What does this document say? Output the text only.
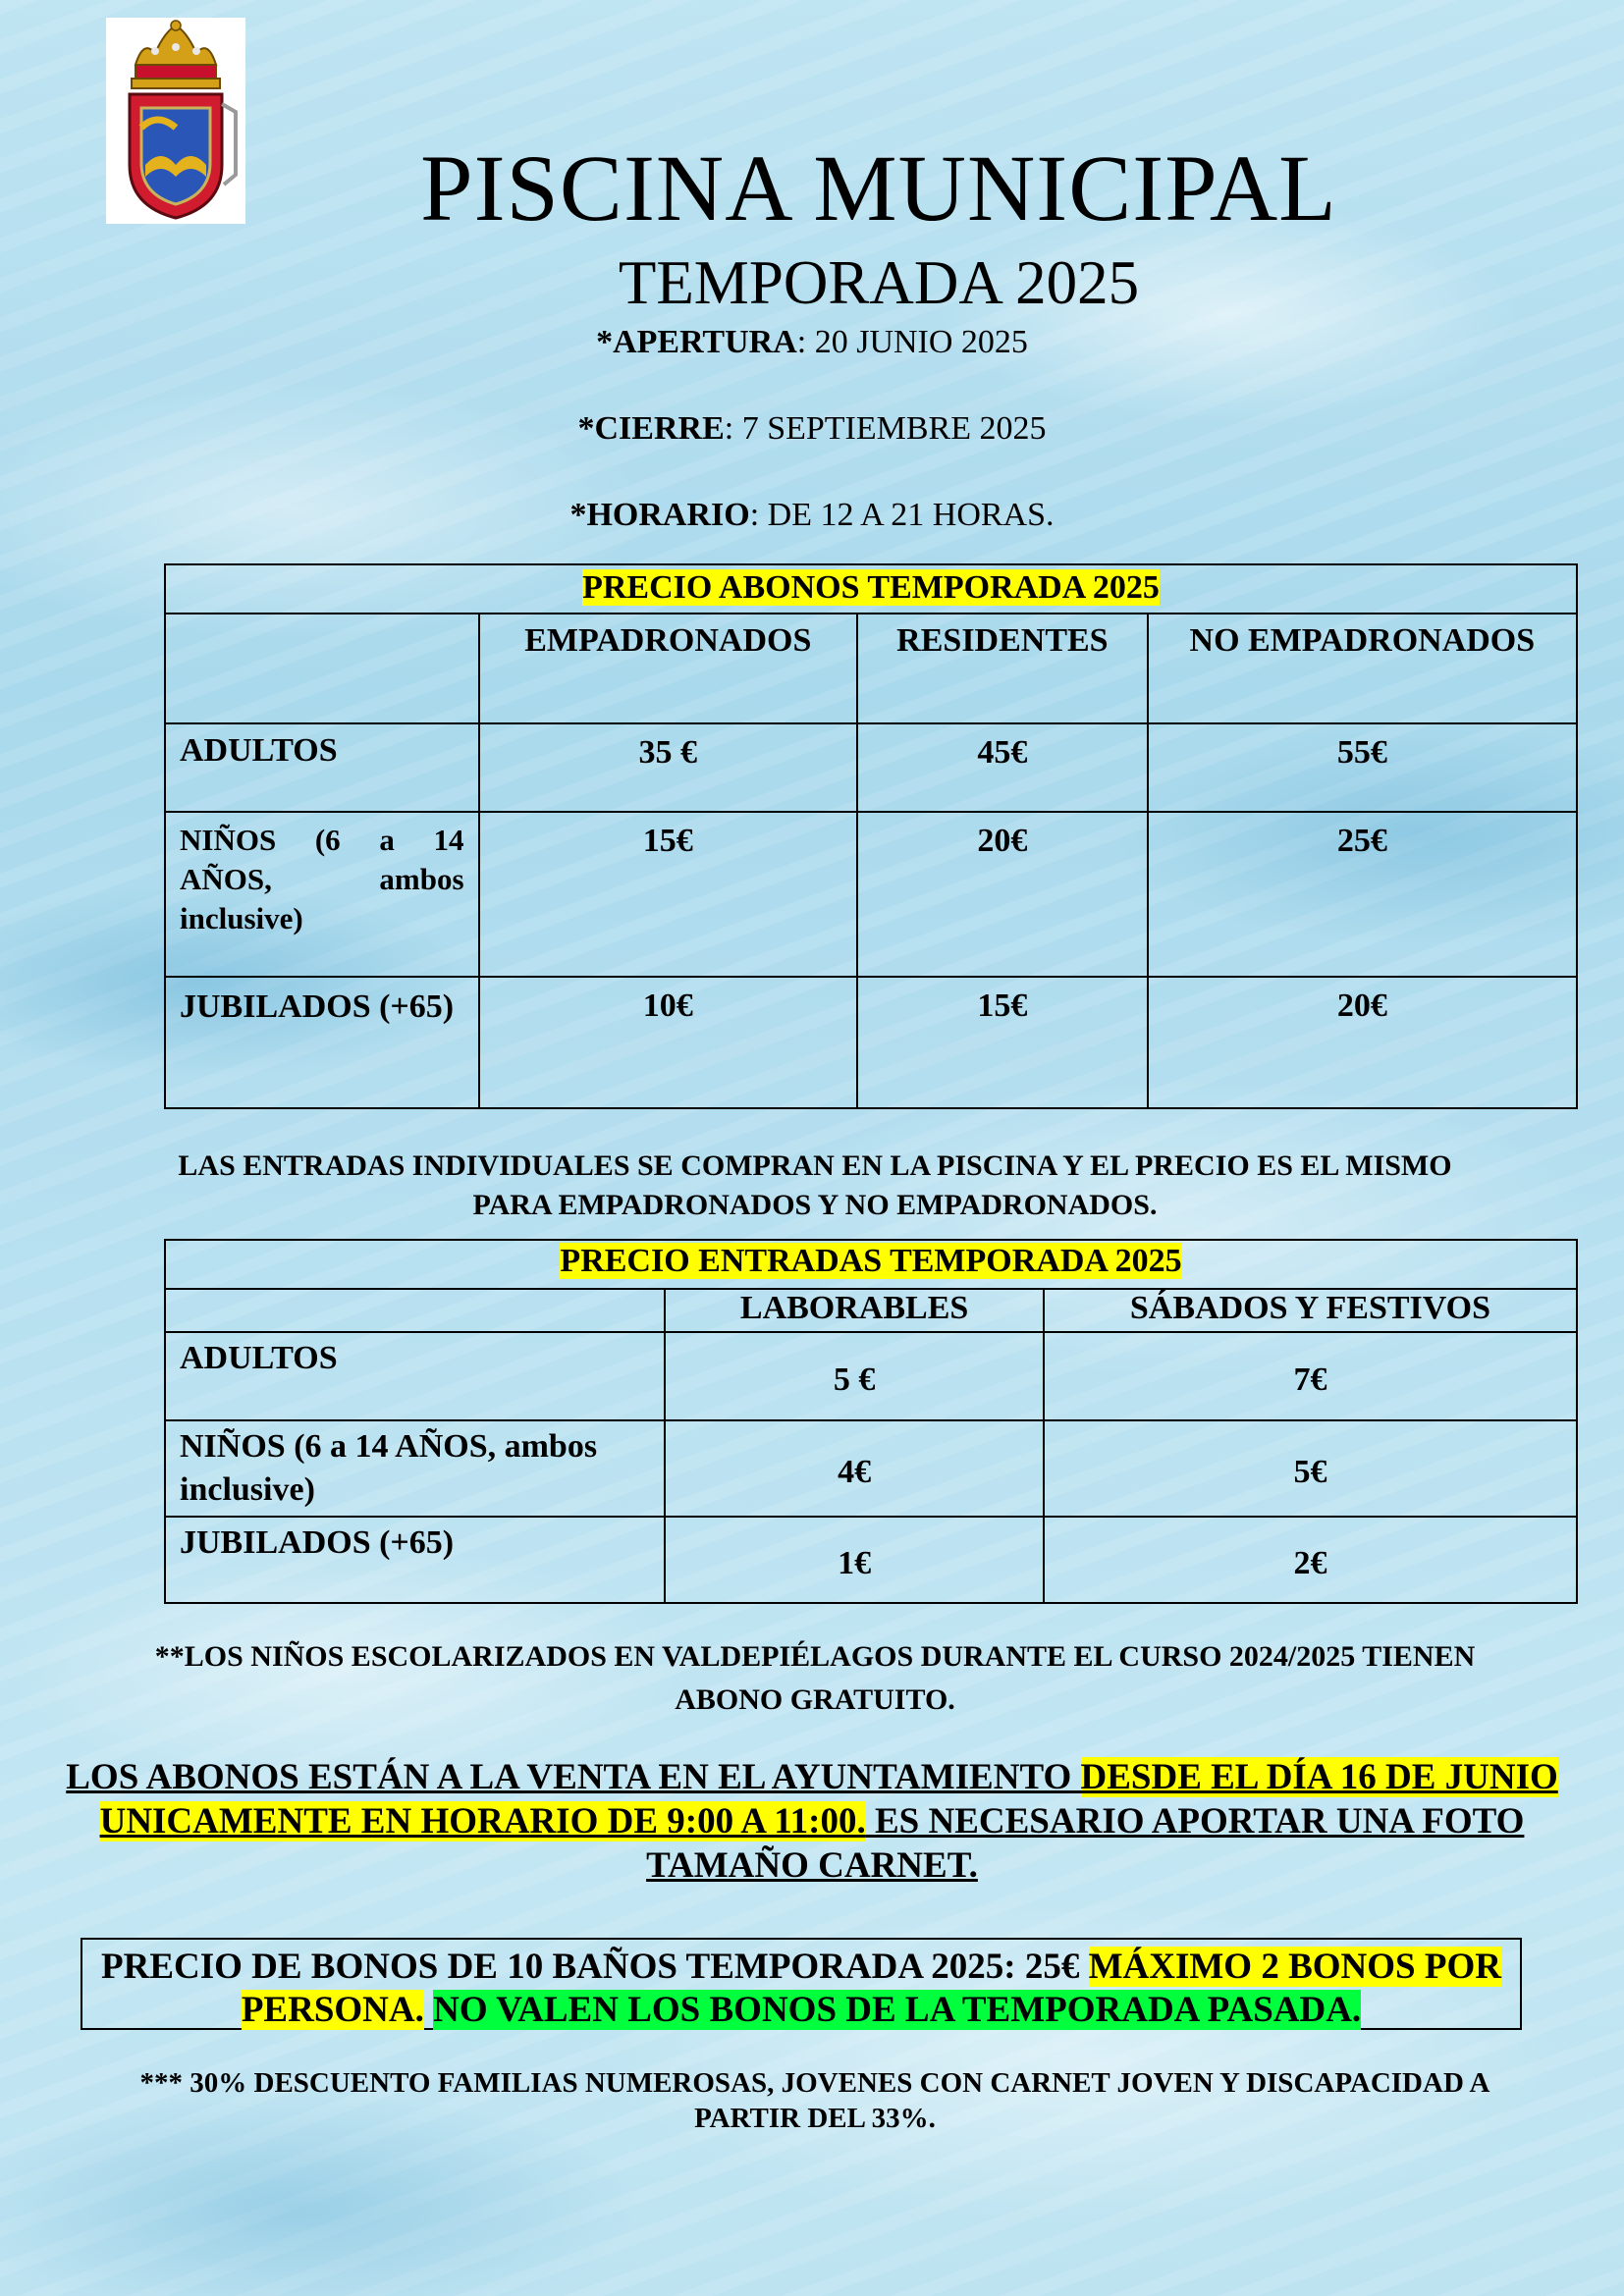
PISCINA MUNICIPAL
TEMPORADA 2025
*APERTURA: 20 JUNIO 2025
*CIERRE: 7 SEPTIEMBRE 2025
*HORARIO: DE 12 A 21 HORAS.
PRECIO ABONOS TEMPORADA 2025			
	EMPADRONADOS	RESIDENTES	NO EMPADRONADOS
ADULTOS	35 €	45€	55€
NIÑOS (6 a 14 AÑOS, ambos inclusive)	15€	20€	25€
JUBILADOS (+65)	10€	15€	20€
LAS ENTRADAS INDIVIDUALES SE COMPRAN EN LA PISCINA Y EL PRECIO ES EL MISMO PARA EMPADRONADOS Y NO EMPADRONADOS.
PRECIO ENTRADAS TEMPORADA 2025		
	LABORABLES	SÁBADOS Y FESTIVOS
ADULTOS	5 €	7€
NIÑOS (6 a 14 AÑOS, ambos inclusive)	4€	5€
JUBILADOS (+65)	1€	2€
**LOS NIÑOS ESCOLARIZADOS EN VALDEPIÉLAGOS DURANTE EL CURSO 2024/2025 TIENEN ABONO GRATUITO.
LOS ABONOS ESTÁN A LA VENTA EN EL AYUNTAMIENTO DESDE EL DÍA 16 DE JUNIO UNICAMENTE EN HORARIO DE 9:00 A 11:00. ES NECESARIO APORTAR UNA FOTO TAMAÑO CARNET.
PRECIO DE BONOS DE 10 BAÑOS TEMPORADA 2025: 25€ MÁXIMO 2 BONOS POR PERSONA. NO VALEN LOS BONOS DE LA TEMPORADA PASADA.
*** 30% DESCUENTO FAMILIAS NUMEROSAS, JOVENES CON CARNET JOVEN Y DISCAPACIDAD A PARTIR DEL 33%.
